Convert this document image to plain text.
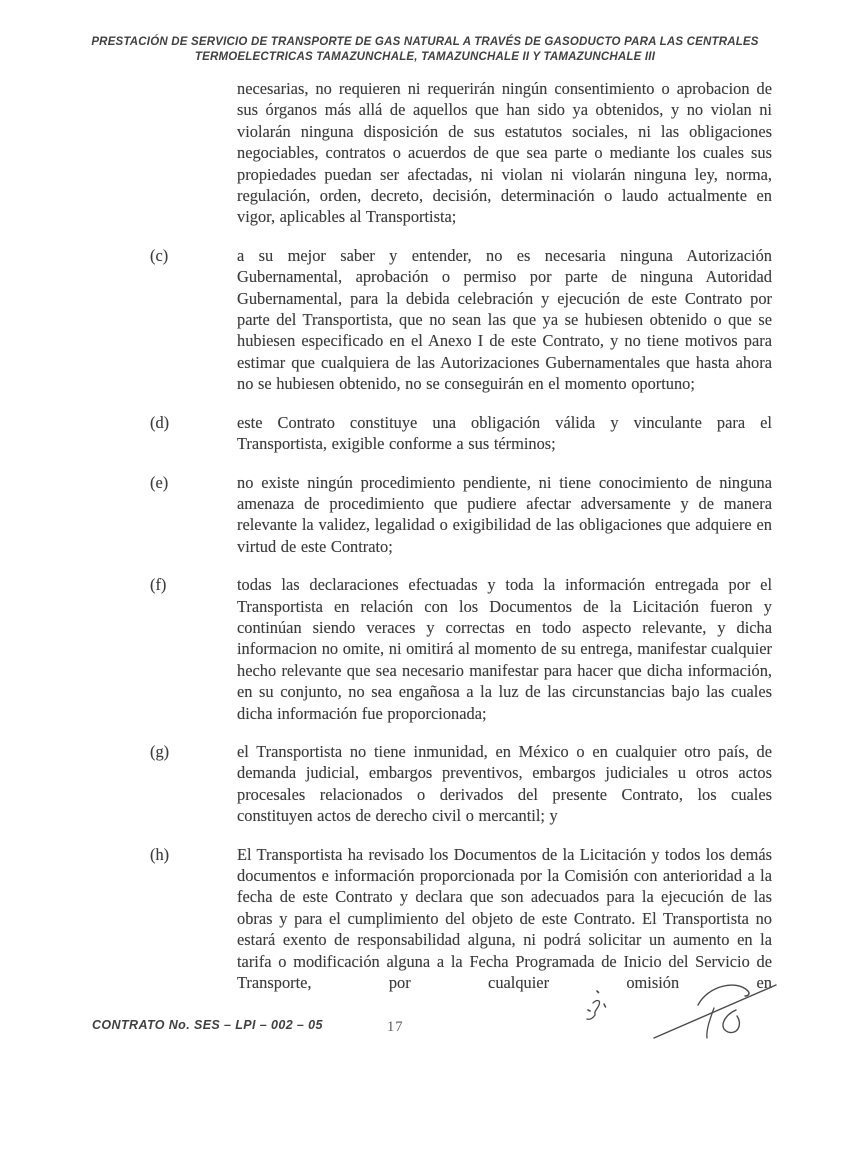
PRESTACIÓN DE SERVICIO DE TRANSPORTE DE GAS NATURAL A TRAVÉS DE GASODUCTO PARA LAS CENTRALES
TERMOELECTRICAS TAMAZUNCHALE, TAMAZUNCHALE II Y TAMAZUNCHALE III

necesarias, no requieren ni requerirán ningún consentimiento o aprobacion de sus órganos más allá de aquellos que han sido ya obtenidos, y no violan ni violarán ninguna disposición de sus estatutos sociales, ni las obligaciones negociables, contratos o acuerdos de que sea parte o mediante los cuales sus propiedades puedan ser afectadas, ni violan ni violarán ninguna ley, norma, regulación, orden, decreto, decisión, determinación o laudo actualmente en vigor, aplicables al Transportista;

(c)	a su mejor saber y entender, no es necesaria ninguna Autorización Gubernamental, aprobación o permiso por parte de ninguna Autoridad Gubernamental, para la debida celebración y ejecución de este Contrato por parte del Transportista, que no sean las que ya se hubiesen obtenido o que se hubiesen especificado en el Anexo I de este Contrato, y no tiene motivos para estimar que cualquiera de las Autorizaciones Gubernamentales que hasta ahora no se hubiesen obtenido, no se conseguirán en el momento oportuno;

(d)	este Contrato constituye una obligación válida y vinculante para el Transportista, exigible conforme a sus términos;

(e)	no existe ningún procedimiento pendiente, ni tiene conocimiento de ninguna amenaza de procedimiento que pudiere afectar adversamente y de manera relevante la validez, legalidad o exigibilidad de las obligaciones que adquiere en virtud de este Contrato;

(f)	todas las declaraciones efectuadas y toda la información entregada por el Transportista en relación con los Documentos de la Licitación fueron y continúan siendo veraces y correctas en todo aspecto relevante, y dicha informacion no omite, ni omitirá al momento de su entrega, manifestar cualquier hecho relevante que sea necesario manifestar para hacer que dicha información, en su conjunto, no sea engañosa a la luz de las circunstancias bajo las cuales dicha información fue proporcionada;

(g)	el Transportista no tiene inmunidad, en México o en cualquier otro país, de demanda judicial, embargos preventivos, embargos judiciales u otros actos procesales relacionados o derivados del presente Contrato, los cuales constituyen actos de derecho civil o mercantil; y

(h)	El Transportista ha revisado los Documentos de la Licitación y todos los demás documentos e información proporcionada por la Comisión con anterioridad a la fecha de este Contrato y declara que son adecuados para la ejecución de las obras y para el cumplimiento del objeto de este Contrato. El Transportista no estará exento de responsabilidad alguna, ni podrá solicitar un aumento en la tarifa o modificación alguna a la Fecha Programada de Inicio del Servicio de Transporte, por cualquier omisión en

CONTRATO No. SES – LPI – 002 – 05	17
